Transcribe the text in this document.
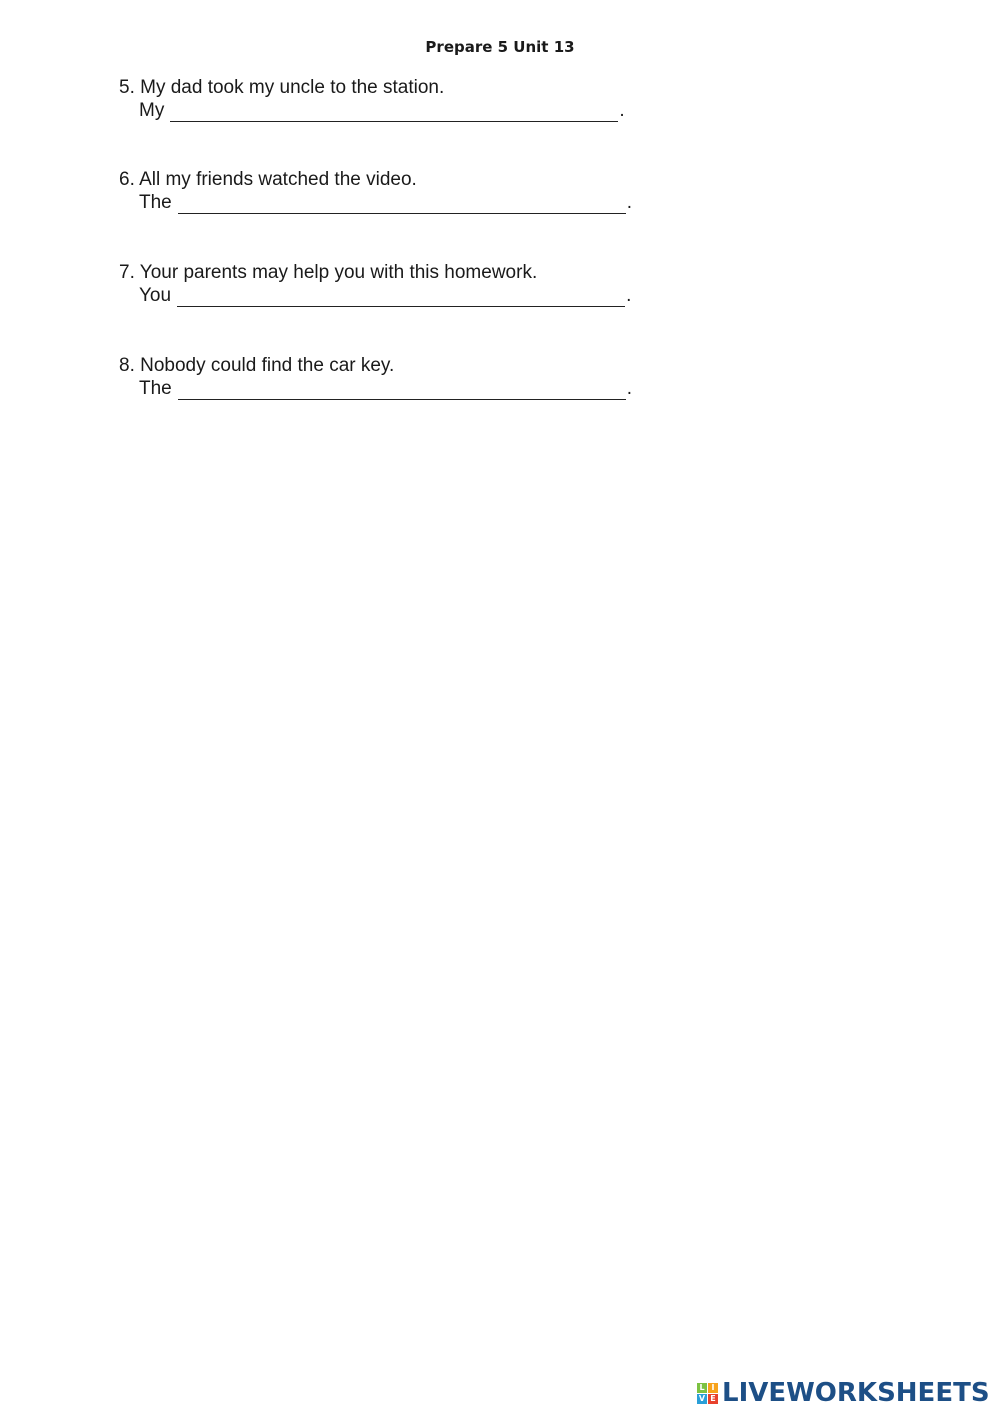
Prepare 5 Unit 13
5. My dad took my uncle to the station.
My	.
6. All my friends watched the video.
The	.
7. Your parents may help you with this homework.
You	.
8. Nobody could find the car key.
The	.
L I
V E LIVEWORKSHEETS
